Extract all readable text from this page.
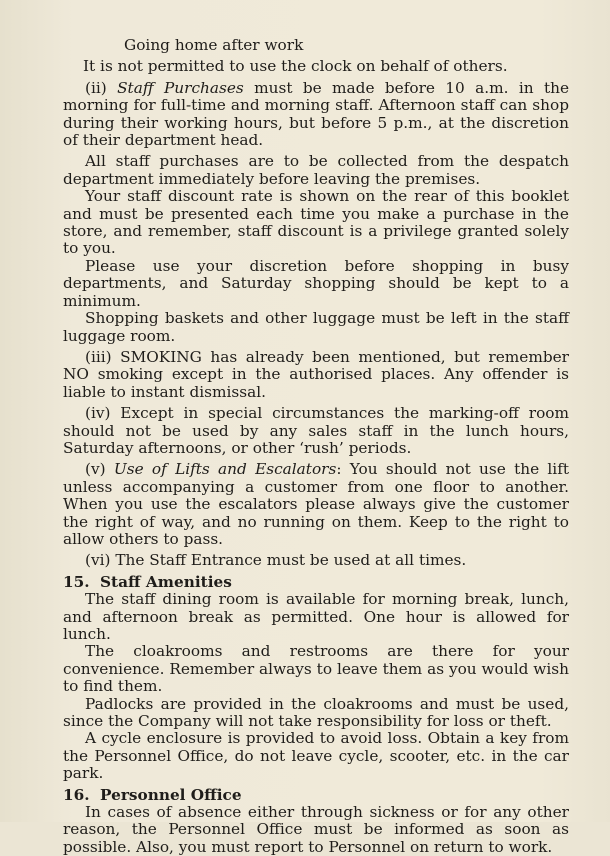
Going home after work

It is not permitted to use the clock on behalf of others.

(ii) Staff Purchases must be made before 10 a.m. in the morning for full-time and morning staff. Afternoon staff can shop during their working hours, but before 5 p.m., at the discretion of their department head.

All staff purchases are to be collected from the despatch department immediately before leaving the premises.

Your staff discount rate is shown on the rear of this booklet and must be presented each time you make a purchase in the store, and remember, staff discount is a privilege granted solely to you.

Please use your discretion before shopping in busy departments, and Saturday shopping should be kept to a minimum.

Shopping baskets and other luggage must be left in the staff luggage room.

(iii) SMOKING has already been mentioned, but remember NO smoking except in the authorised places. Any offender is liable to instant dismissal.

(iv) Except in special circumstances the marking-off room should not be used by any sales staff in the lunch hours, Saturday afternoons, or other ‘rush’ periods.

(v) Use of Lifts and Escalators: You should not use the lift unless accompanying a customer from one floor to another. When you use the escalators please always give the customer the right of way, and no running on them. Keep to the right to allow others to pass.

(vi) The Staff Entrance must be used at all times.

15. Staff Amenities

The staff dining room is available for morning break, lunch, and afternoon break as permitted. One hour is allowed for lunch.

The cloakrooms and restrooms are there for your convenience. Remember always to leave them as you would wish to find them.

Padlocks are provided in the cloakrooms and must be used, since the Company will not take responsibility for loss or theft.

A cycle enclosure is provided to avoid loss. Obtain a key from the Personnel Office, do not leave cycle, scooter, etc. in the car park.

16. Personnel Office

In cases of absence either through sickness or for any other reason, the Personnel Office must be informed as soon as possible. Also, you must report to Personnel on return to work.
